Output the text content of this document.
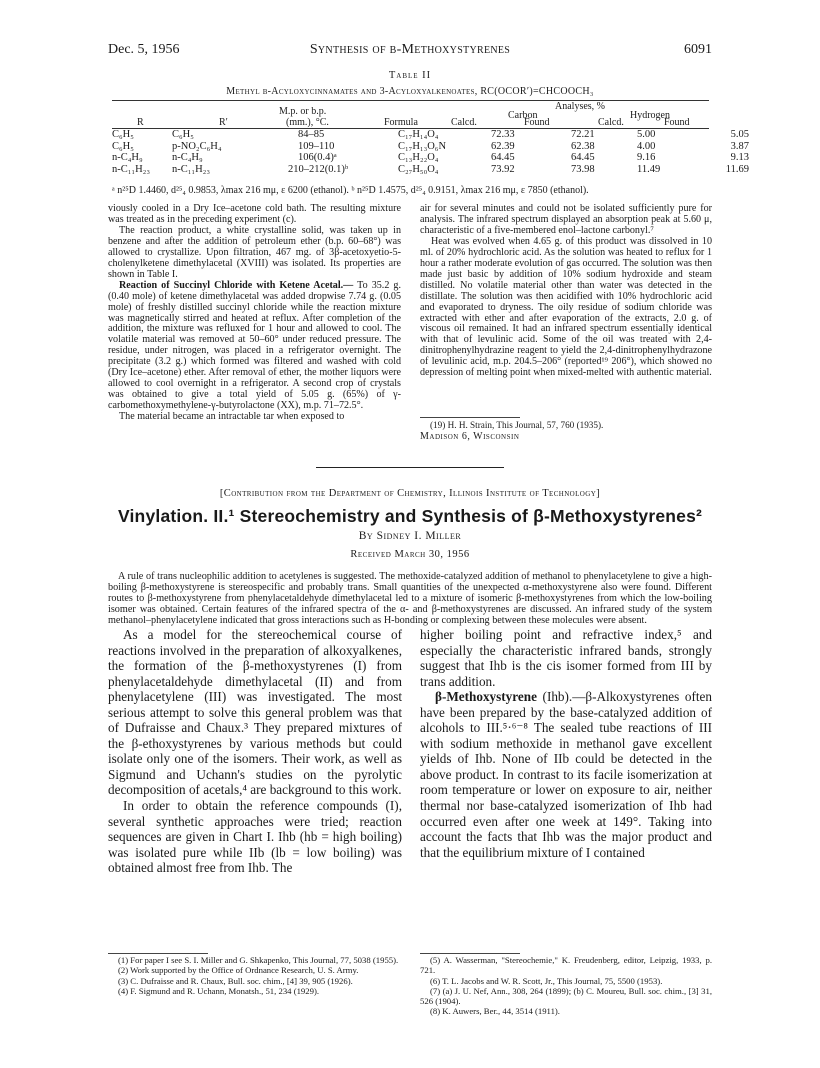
Dec. 5, 1956	Synthesis of β-Methoxystyrenes	6091
Table II
Methyl β-Acyloxycinnamates and 3-Acyloxyalkenoates, RC(OCOR′)=CHCOOCH₃
Analyses, %
M.p. or b.p.
(mm.), °C.
Carbon	Hydrogen
R	R′	Formula	Calcd.	Found	Calcd.	Found
C₆H₅	C₆H₅	84–85	C₁₇H₁₄O₄	72.33	72.21	5.00	5.05
C₆H₅	p-NO₂C₆H₄	109–110	C₁₇H₁₃O₆N	62.39	62.38	4.00	3.87
n-C₄H₉	n-C₄H₉	106(0.4)ᵃ	C₁₃H₂₂O₄	64.45	64.45	9.16	9.13
n-C₁₁H₂₃	n-C₁₁H₂₃	210–212(0.1)ᵇ	C₂₇H₅₀O₄	73.92	73.98	11.49	11.69
ᵃ n²⁵D 1.4460, d²⁵₄ 0.9853, λmax 216 mμ, ε 6200 (ethanol). ᵇ n²⁵D 1.4575, d²⁵₄ 0.9151, λmax 216 mμ, ε 7850 (ethanol).

viously cooled in a Dry Ice–acetone cold bath. The resulting mixture was treated as in the preceding experiment (c).

The reaction product, a white crystalline solid, was taken up in benzene and after the addition of petroleum ether (b.p. 60–68°) was allowed to crystallize. Upon filtration, 467 mg. of 3β-acetoxyetio-5-cholenylketene dimethylacetal (XVIII) was isolated. Its properties are shown in Table I.

Reaction of Succinyl Chloride with Ketene Acetal.— To 35.2 g. (0.40 mole) of ketene dimethylacetal was added dropwise 7.74 g. (0.05 mole) of freshly distilled succinyl chloride while the reaction mixture was magnetically stirred and heated at reflux. After completion of the addition, the mixture was refluxed for 1 hour and allowed to cool. The volatile material was removed at 50–60° under reduced pressure. The residue, under nitrogen, was placed in a refrigerator overnight. The precipitate (3.2 g.) which formed was filtered and washed with cold (Dry Ice–acetone) ether. After removal of ether, the mother liquors were allowed to cool overnight in a refrigerator. A second crop of crystals was obtained to give a total yield of 5.05 g. (65%) of γ-carbomethoxymethylene-γ-butyrolactone (XX), m.p. 71–72.5°.

The material became an intractable tar when exposed to

air for several minutes and could not be isolated sufficiently pure for analysis. The infrared spectrum displayed an absorption peak at 5.60 μ, characteristic of a five-membered enol–lactone carbonyl.⁷

Heat was evolved when 4.65 g. of this product was dissolved in 10 ml. of 20% hydrochloric acid. As the solution was heated to reflux for 1 hour a rather moderate evolution of gas occurred. The solution was then made just basic by addition of 10% sodium hydroxide and steam distilled. No volatile material other than water was detected in the distillate. The solution was then acidified with 10% hydrochloric acid and evaporated to dryness. The oily residue of sodium chloride was extracted with ether and after evaporation of the extracts, 2.0 g. of viscous oil remained. It had an infrared spectrum essentially identical with that of levulinic acid. Some of the oil was treated with 2,4-dinitrophenylhydrazine reagent to yield the 2,4-dinitrophenylhydrazone of levulinic acid, m.p. 204.5–206° (reported¹⁹ 206°), which showed no depression of melting point when mixed-melted with authentic material.

(19) H. H. Strain, This Journal, 57, 760 (1935).
Madison 6, Wisconsin
[Contribution from the Department of Chemistry, Illinois Institute of Technology]
Vinylation. II.¹ Stereochemistry and Synthesis of β-Methoxystyrenes²
By Sidney I. Miller
Received March 30, 1956
A rule of trans nucleophilic addition to acetylenes is suggested. The methoxide-catalyzed addition of methanol to phenylacetylene to give a high-boiling β-methoxystyrene is stereospecific and probably trans. Small quantities of the unexpected α-methoxystyrene also were found. Different routes to β-methoxystyrene from phenylacetaldehyde dimethylacetal led to a mixture of isomeric β-methoxystyrenes from which the low-boiling isomer was obtained. Certain features of the infrared spectra of the α- and β-methoxystyrenes are discussed. An infrared study of the system methanol–phenylacetylene indicated that gross interactions such as H-bonding or complexing between these molecules were absent.

As a model for the stereochemical course of reactions involved in the preparation of alkoxyalkenes, the formation of the β-methoxystyrenes (I) from phenylacetaldehyde dimethylacetal (II) and from phenylacetylene (III) was investigated. The most serious attempt to solve this general problem was that of Dufraisse and Chaux.³ They prepared mixtures of the β-ethoxystyrenes by various methods but could isolate only one of the isomers. Their work, as well as Sigmund and Uchann's studies on the pyrolytic decomposition of acetals,⁴ are background to this work.

In order to obtain the reference compounds (I), several synthetic approaches were tried; reaction sequences are given in Chart I. Ihb (hb = high boiling) was isolated pure while IIb (lb = low boiling) was obtained almost free from Ihb. The

(1) For paper I see S. I. Miller and G. Shkapenko, This Journal, 77, 5038 (1955).

(2) Work supported by the Office of Ordnance Research, U. S. Army.

(3) C. Dufraisse and R. Chaux, Bull. soc. chim., [4] 39, 905 (1926).

(4) F. Sigmund and R. Uchann, Monatsh., 51, 234 (1929).

higher boiling point and refractive index,⁵ and especially the characteristic infrared bands, strongly suggest that Ihb is the cis isomer formed from III by trans addition.

β-Methoxystyrene (Ihb).—β-Alkoxystyrenes often have been prepared by the base-catalyzed addition of alcohols to III.⁵·⁶⁻⁸ The sealed tube reactions of III with sodium methoxide in methanol gave excellent yields of Ihb. None of IIb could be detected in the above product. In contrast to its facile isomerization at room temperature or lower on exposure to air, neither thermal nor base-catalyzed isomerization of Ihb had occurred even after one week at 149°. Taking into account the facts that Ihb was the major product and that the equilibrium mixture of I contained

(5) A. Wasserman, "Stereochemie," K. Freudenberg, editor, Leipzig, 1933, p. 721.

(6) T. L. Jacobs and W. R. Scott, Jr., This Journal, 75, 5500 (1953).

(7) (a) J. U. Nef, Ann., 308, 264 (1899); (b) C. Moureu, Bull. soc. chim., [3] 31, 526 (1904).

(8) K. Auwers, Ber., 44, 3514 (1911).
